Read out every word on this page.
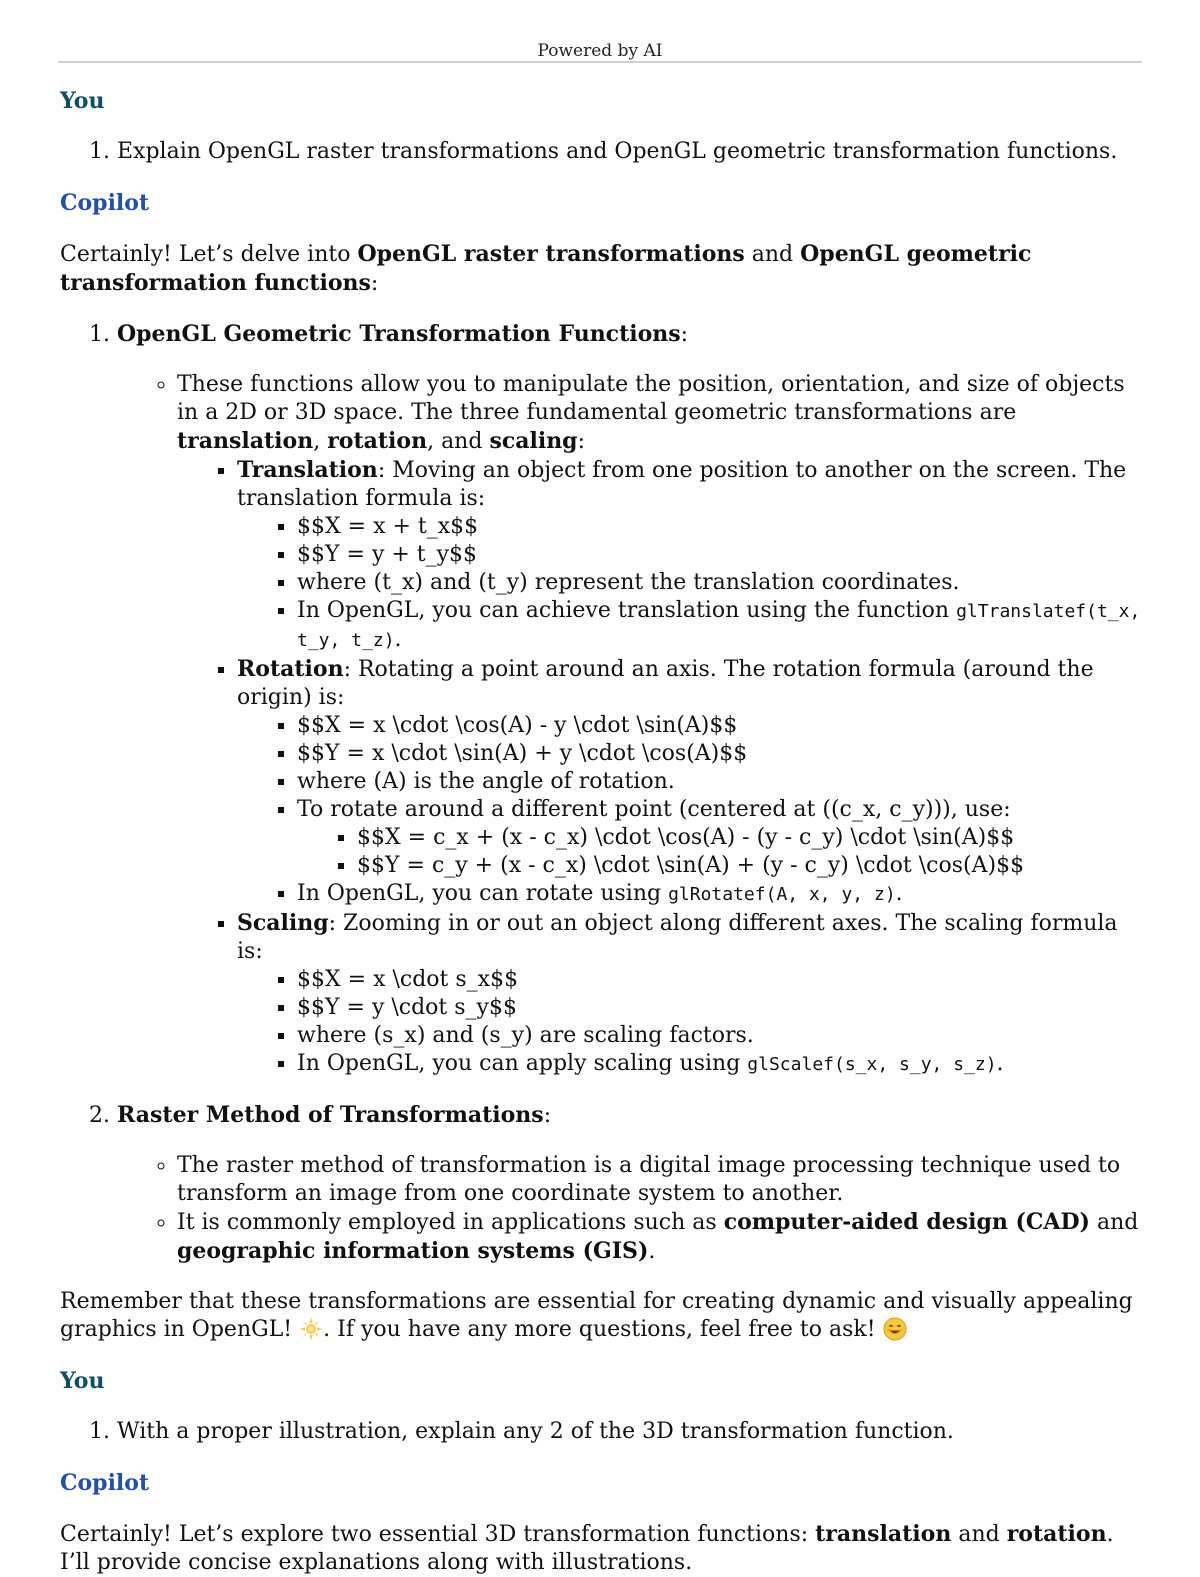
Powered by AI
You
1. Explain OpenGL raster transformations and OpenGL geometric transformation functions.
Copilot

Certainly! Let’s delve into OpenGL raster transformations and OpenGL geometric transformation functions:

1. OpenGL Geometric Transformation Functions:
◦ These functions allow you to manipulate the position, orientation, and size of objects in a 2D or 3D space. The three fundamental geometric transformations are translation, rotation, and scaling:
▪ Translation: Moving an object from one position to another on the screen. The translation formula is:
▪ $$X = x + t_x$$
▪ $$Y = y + t_y$$
▪ where (t_x) and (t_y) represent the translation coordinates.
▪ In OpenGL, you can achieve translation using the function glTranslatef(t_x, t_y, t_z).
▪ Rotation: Rotating a point around an axis. The rotation formula (around the origin) is:
▪ $$X = x \cdot \cos(A) - y \cdot \sin(A)$$
▪ $$Y = x \cdot \sin(A) + y \cdot \cos(A)$$
▪ where (A) is the angle of rotation.
▪ To rotate around a different point (centered at ((c_x, c_y))), use:
▪ $$X = c_x + (x - c_x) \cdot \cos(A) - (y - c_y) \cdot \sin(A)$$
▪ $$Y = c_y + (x - c_x) \cdot \sin(A) + (y - c_y) \cdot \cos(A)$$
▪ In OpenGL, you can rotate using glRotatef(A, x, y, z).
▪ Scaling: Zooming in or out an object along different axes. The scaling formula is:
▪ $$X = x \cdot s_x$$
▪ $$Y = y \cdot s_y$$
▪ where (s_x) and (s_y) are scaling factors.
▪ In OpenGL, you can apply scaling using glScalef(s_x, s_y, s_z).
2. Raster Method of Transformations:
◦ The raster method of transformation is a digital image processing technique used to transform an image from one coordinate system to another.
◦ It is commonly employed in applications such as computer-aided design (CAD) and geographic information systems (GIS).

Remember that these transformations are essential for creating dynamic and visually appealing graphics in OpenGL! . If you have any more questions, feel free to ask!

You
1. With a proper illustration, explain any 2 of the 3D transformation function.
Copilot

Certainly! Let’s explore two essential 3D transformation functions: translation and rotation. I’ll provide concise explanations along with illustrations.
